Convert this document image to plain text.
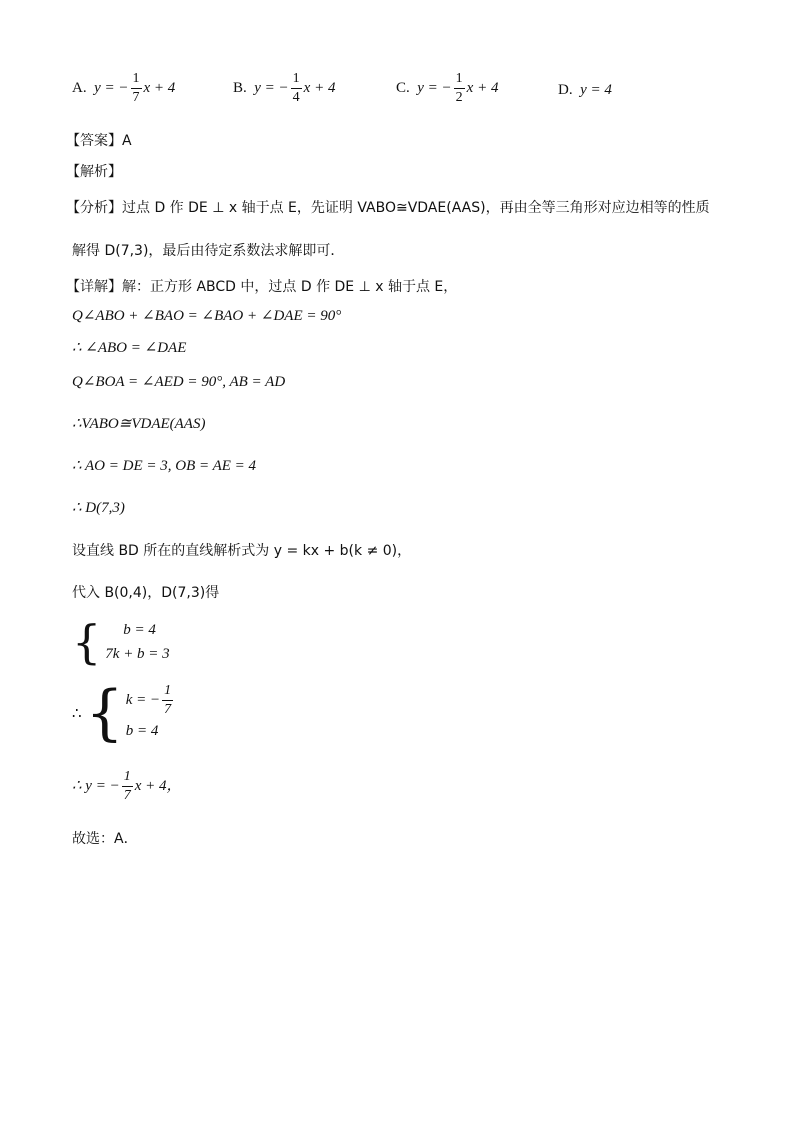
A. y = − $\frac{1}{7}$ x + 4	B. y = − $\frac{1}{4}$ x + 4	C. y = − $\frac{1}{2}$ x + 4	D. y = 4
【答案】A
【解析】
【分析】过点 D 作 DE ⊥ x 轴于点 E，先证明 VABO≅VDAE(AAS)，再由全等三角形对应边相等的性质
解得 D(7,3)，最后由待定系数法求解即可．
【详解】解：正方形 ABCD 中，过点 D 作 DE ⊥ x 轴于点 E，
Q∠ABO + ∠BAO = ∠BAO + ∠DAE = 90°
∴ ∠ABO = ∠DAE
Q∠BOA = ∠AED = 90°, AB = AD
∴VABO≅VDAE(AAS)
∴ AO = DE = 3, OB = AE = 4
∴ D(7,3)
设直线 BD 所在的直线解析式为 y = kx + b(k ≠ 0)，
代入 B(0,4)，D(7,3)得
{	b = 4
7k + b = 3
∴ { k = − $\frac{1}{7}$
b = 4
∴ y = − $\frac{1}{7}$ x + 4，
故选：A．
